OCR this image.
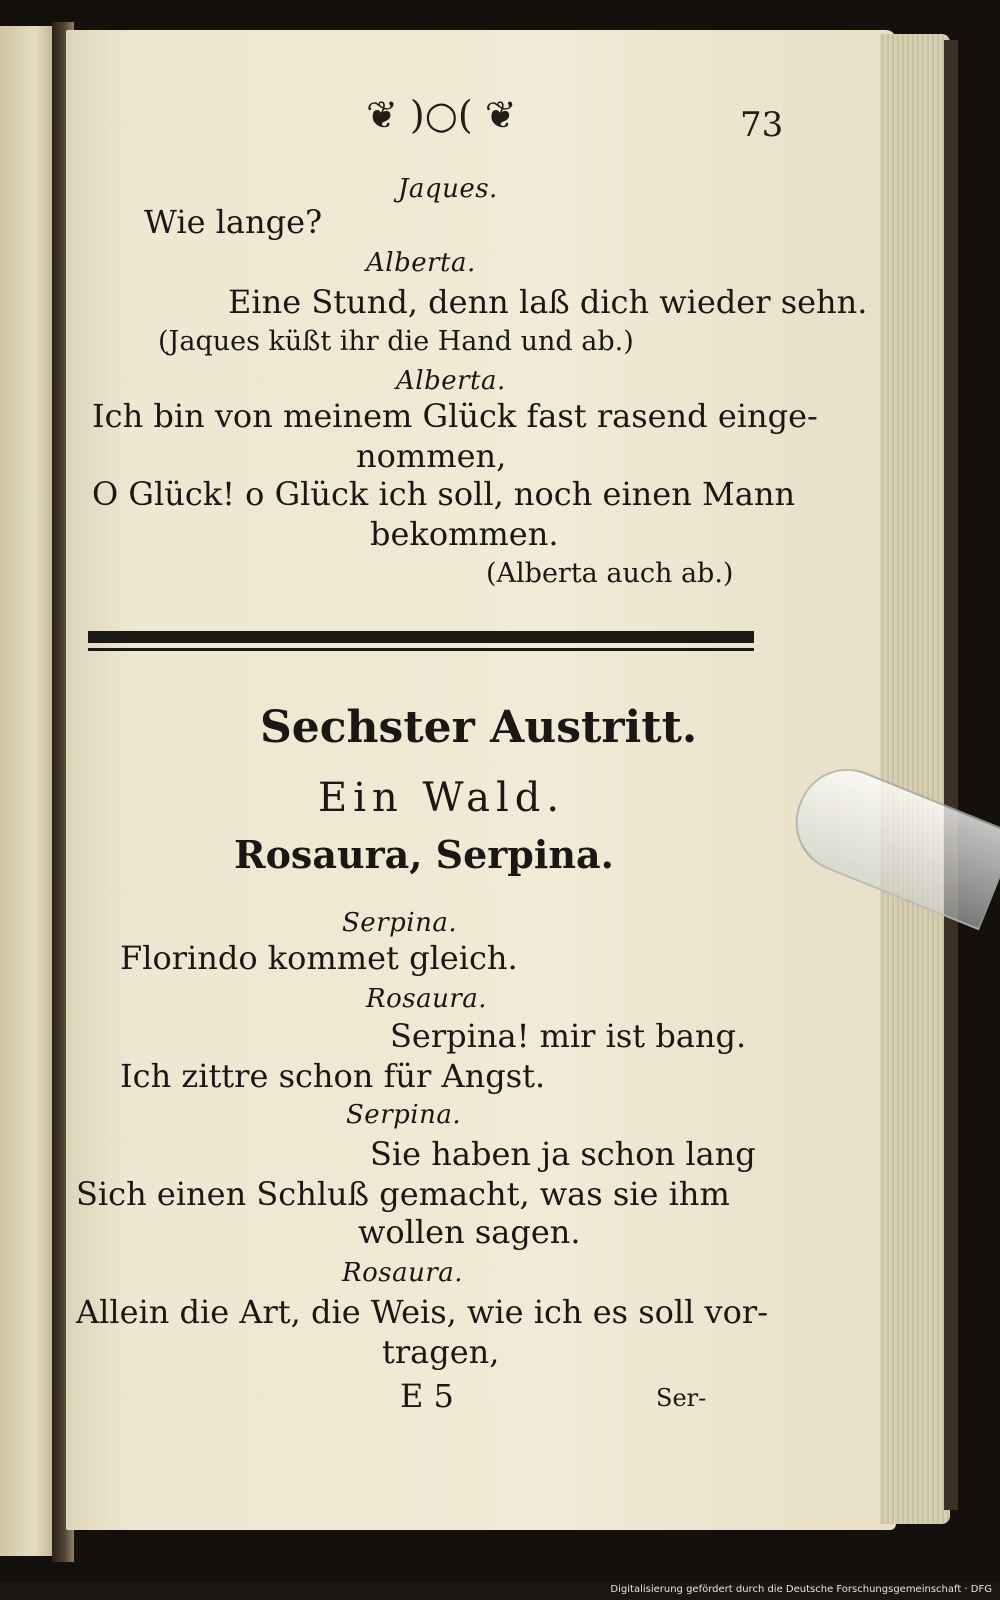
❦ )○( ❦	73
Jaques.
Wie lange?
Alberta.
Eine Stund, denn laß dich wieder sehn.
(Jaques küßt ihr die Hand und ab.)
Alberta.
Ich bin von meinem Glück fast rasend einge-
nommen,
O Glück! o Glück ich soll, noch einen Mann
bekommen.
(Alberta auch ab.)
Sechster Austritt.
Ein Wald.
Rosaura, Serpina.
Serpina.
Florindo kommet gleich.
Rosaura.
Serpina! mir ist bang.
Ich zittre schon für Angst.
Serpina.
Sie haben ja schon lang
Sich einen Schluß gemacht, was sie ihm
wollen sagen.
Rosaura.
Allein die Art, die Weis, wie ich es soll vor-
tragen,
E 5	Ser-
Digitalisierung gefördert durch die Deutsche Forschungsgemeinschaft · DFG
